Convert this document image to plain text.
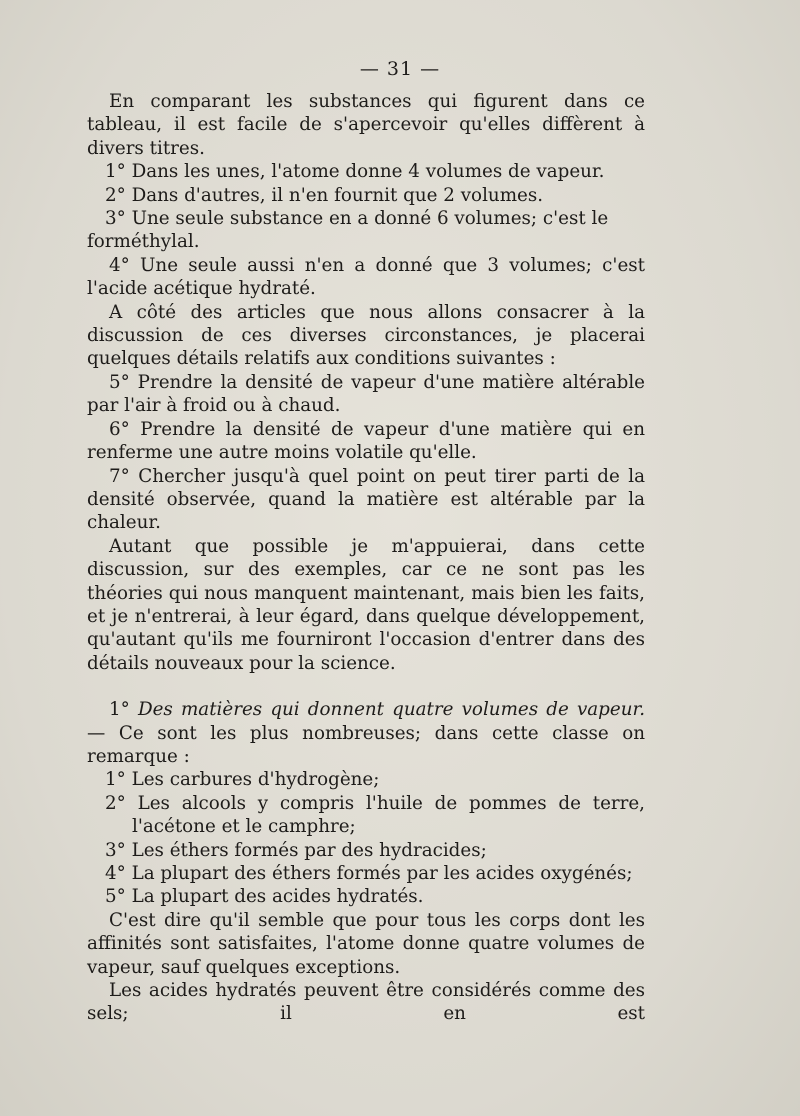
— 31 —

En comparant les substances qui figurent dans ce tableau, il est facile de s'apercevoir qu'elles diffèrent à divers titres.

1° Dans les unes, l'atome donne 4 volumes de vapeur.

2° Dans d'autres, il n'en fournit que 2 volumes.

3° Une seule substance en a donné 6 volumes; c'est le forméthylal.

4° Une seule aussi n'en a donné que 3 volumes; c'est l'acide acétique hydraté.

A côté des articles que nous allons consacrer à la discussion de ces diverses circonstances, je placerai quelques détails relatifs aux conditions suivantes :

5° Prendre la densité de vapeur d'une matière altérable par l'air à froid ou à chaud.

6° Prendre la densité de vapeur d'une matière qui en renferme une autre moins volatile qu'elle.

7° Chercher jusqu'à quel point on peut tirer parti de la densité observée, quand la matière est altérable par la chaleur.

Autant que possible je m'appuierai, dans cette discussion, sur des exemples, car ce ne sont pas les théories qui nous manquent maintenant, mais bien les faits, et je n'entrerai, à leur égard, dans quelque développement, qu'autant qu'ils me fourniront l'occasion d'entrer dans des détails nouveaux pour la science.

1° Des matières qui donnent quatre volumes de vapeur. — Ce sont les plus nombreuses; dans cette classe on remarque :

1° Les carbures d'hydrogène;

2° Les alcools y compris l'huile de pommes de terre, l'acétone et le camphre;

3° Les éthers formés par des hydracides;

4° La plupart des éthers formés par les acides oxygénés;

5° La plupart des acides hydratés.

C'est dire qu'il semble que pour tous les corps dont les affinités sont satisfaites, l'atome donne quatre volumes de vapeur, sauf quelques exceptions.

Les acides hydratés peuvent être considérés comme des sels; il en est
